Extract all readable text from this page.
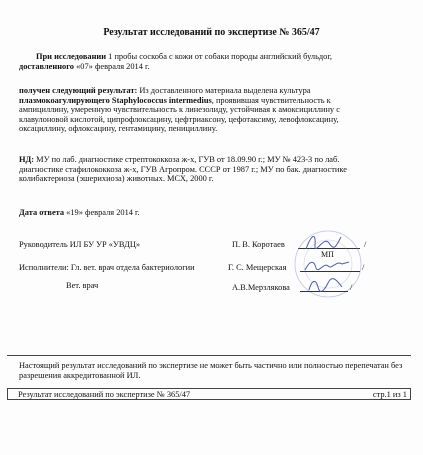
Результат исследований по экспертизе № 365/47
При исследовании 1 пробы соскоба с кожи от собаки породы английский бульдог,
доставленного «07» февраля 2014 г.
получен следующий результат: Из доставленного материала выделена культура
плазмокоагулирующего Staphylococcus intermedius, проявившая чувствительность к
ампициллину, умеренную чувствительность к линезолиду, устойчивая к амоксициллину с
клавулоновой кислотой, ципрофлоксацину, цефтриаксону, цефотаксиму, левофлоксацину,
оксациллину, офлоксацину, гентамицину, пенициллину.
НД: МУ по лаб. диагностике стрептококкоза ж-х, ГУВ от 18.09.90 г.; МУ № 423-3 по лаб.
диагностике стафилококкоза ж-х, ГУВ Агропром. СССР от 1987 г.; МУ по бак. диагностике
колибактериоза (эшерихиоза) животных. МСХ, 2000 г.
Дата ответа «19» февраля 2014 г.
Руководитель ИЛ БУ УР «УВДЦ»	П. В. Коротаев	/
МП
Исполнители: Гл. вет. врач отдела бактериологии	Г. С. Мещерская	/
Вет. врач	А.В.Мерзлякова	/
Настоящий результат исследований по экспертизе не может быть частично или полностью перепечатан без
разрешения аккредитованной ИЛ.
Результат исследований по экспертизе № 365/47	стр.1 из 1
